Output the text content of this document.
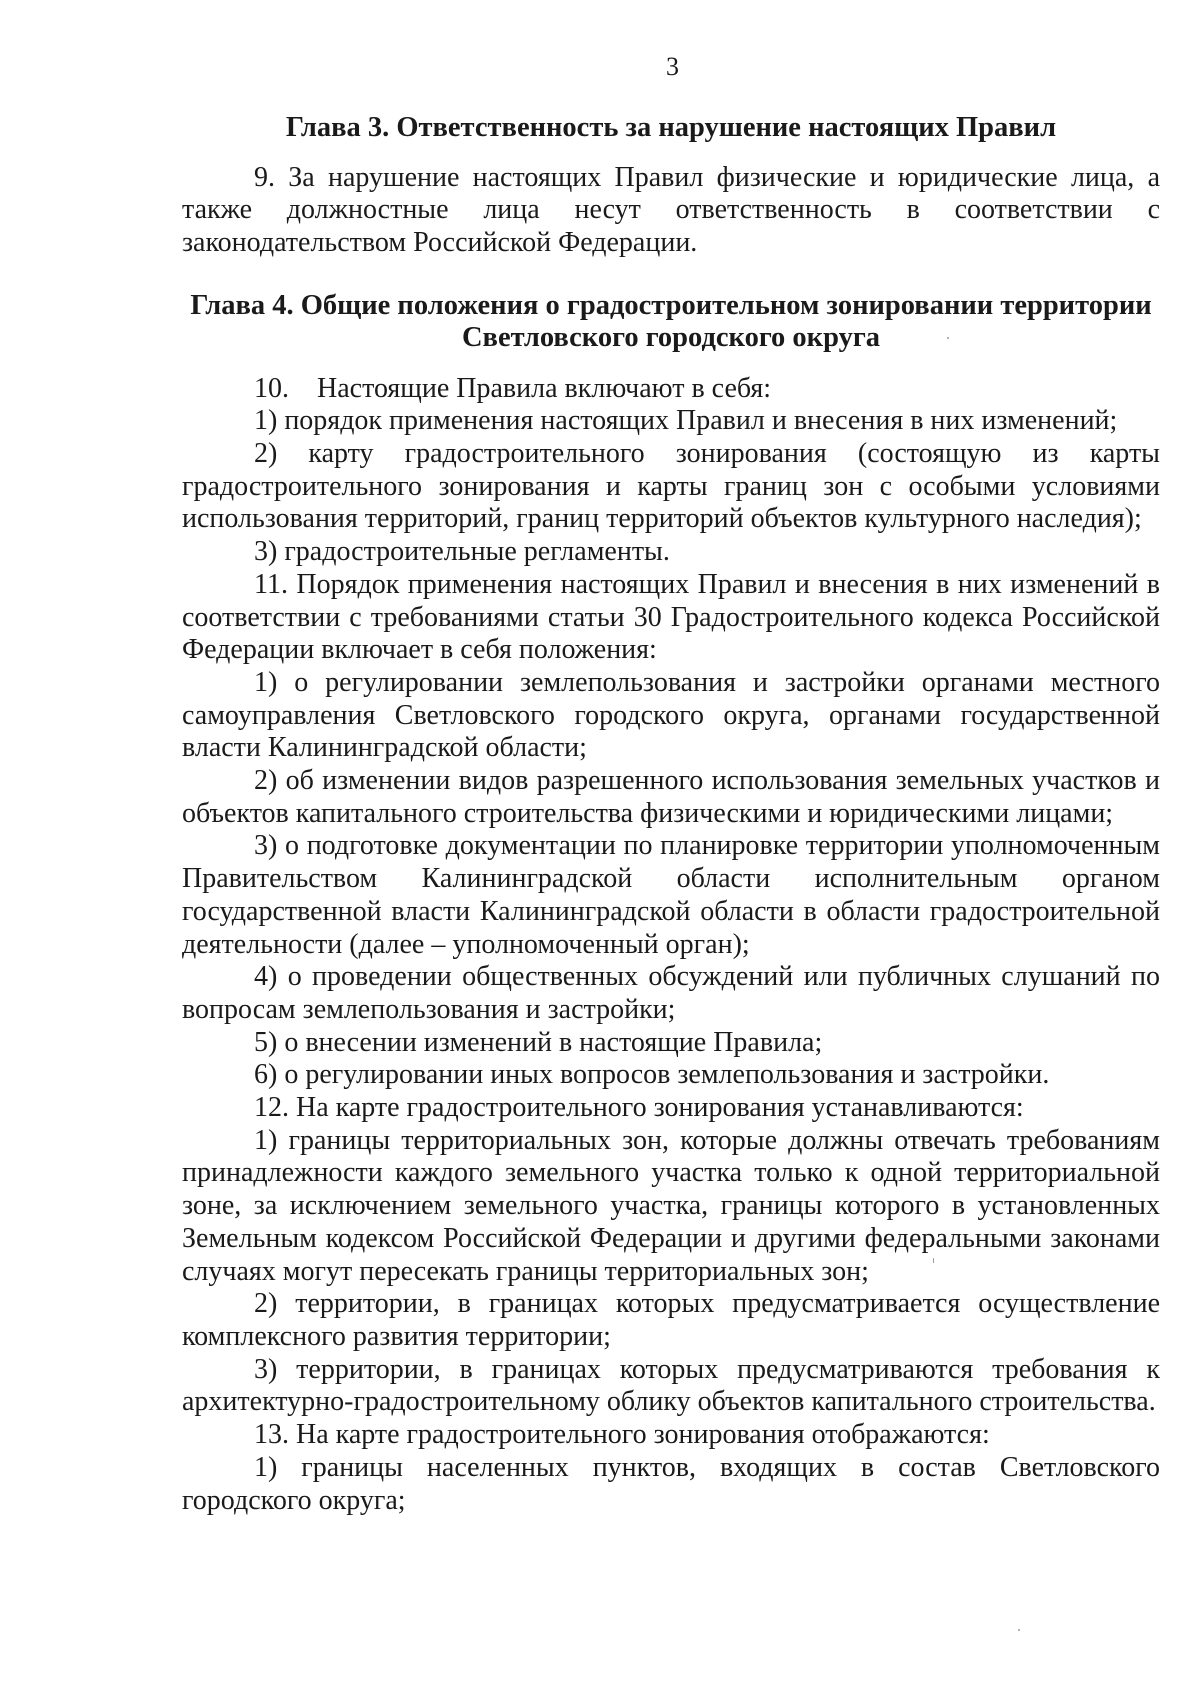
3
Глава 3. Ответственность за нарушение настоящих Правил

9. За нарушение настоящих Правил физические и юридические лица, а также должностные лица несут ответственность в соответствии с законодательством Российской Федерации.

Глава 4. Общие положения о градостроительном зонировании территории
Светловского городского округа

10. Настоящие Правила включают в себя:

1) порядок применения настоящих Правил и внесения в них изменений;

2) карту градостроительного зонирования (состоящую из карты градостроительного зонирования и карты границ зон с особыми условиями использования территорий, границ территорий объектов культурного наследия);

3) градостроительные регламенты.

11. Порядок применения настоящих Правил и внесения в них изменений в соответствии с требованиями статьи 30 Градостроительного кодекса Российской Федерации включает в себя положения:

1) о регулировании землепользования и застройки органами местного самоуправления Светловского городского округа, органами государственной власти Калининградской области;

2) об изменении видов разрешенного использования земельных участков и объектов капитального строительства физическими и юридическими лицами;

3) о подготовке документации по планировке территории уполномоченным Правительством Калининградской области исполнительным органом государственной власти Калининградской области в области градостроительной деятельности (далее – уполномоченный орган);

4) о проведении общественных обсуждений или публичных слушаний по вопросам землепользования и застройки;

5) о внесении изменений в настоящие Правила;

6) о регулировании иных вопросов землепользования и застройки.

12. На карте градостроительного зонирования устанавливаются:

1) границы территориальных зон, которые должны отвечать требованиям принадлежности каждого земельного участка только к одной территориальной зоне, за исключением земельного участка, границы которого в установленных Земельным кодексом Российской Федерации и другими федеральными законами случаях могут пересекать границы территориальных зон;

2) территории, в границах которых предусматривается осуществление комплексного развития территории;

3) территории, в границах которых предусматриваются требования к архитектурно-градостроительному облику объектов капитального строительства.

13. На карте градостроительного зонирования отображаются:

1) границы населенных пунктов, входящих в состав Светловского городского округа;
